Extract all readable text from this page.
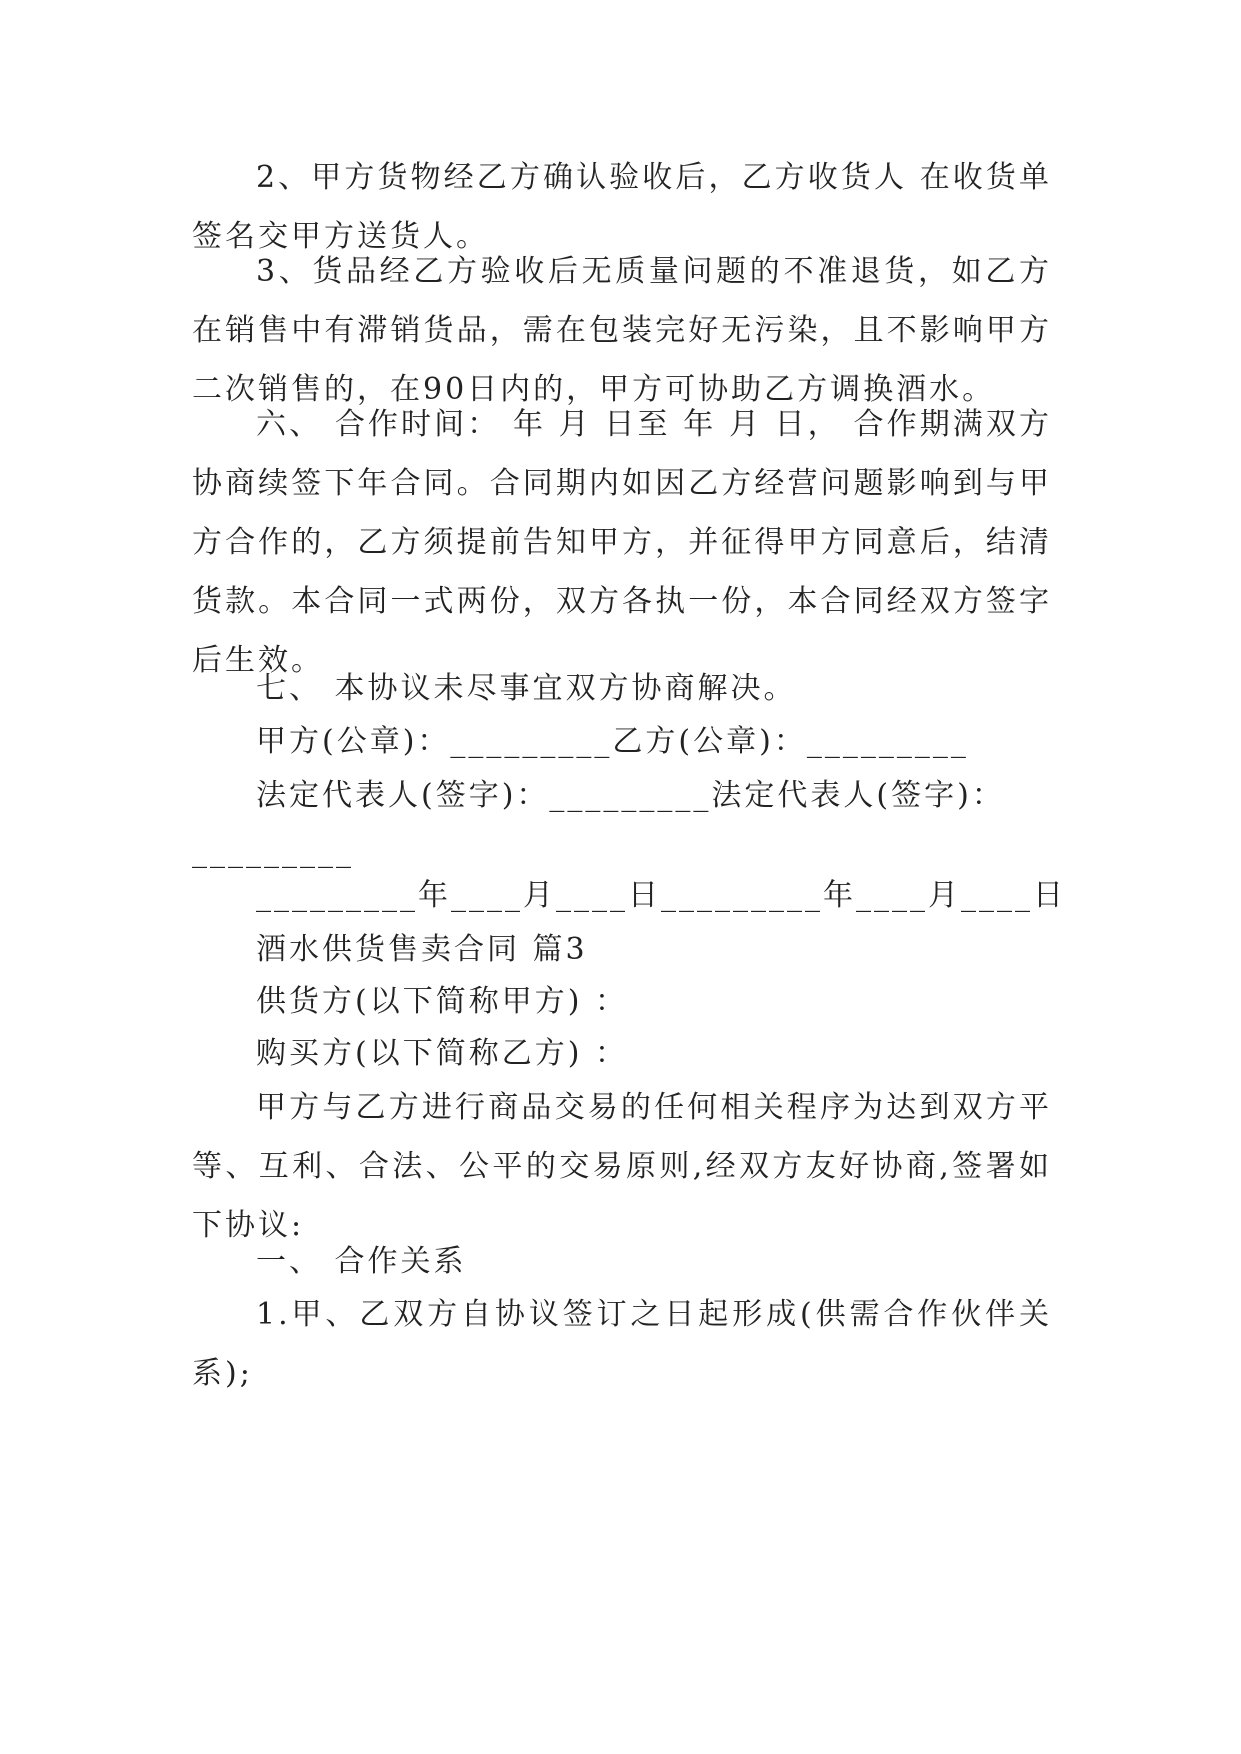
2、甲方货物经乙方确认验收后，乙方收货人 在收货单签名交甲方送货人。

3、货品经乙方验收后无质量问题的不准退货，如乙方在销售中有滞销货品，需在包装完好无污染，且不影响甲方二次销售的，在90日内的，甲方可协助乙方调换酒水。

六、 合作时间： 年 月 日至 年 月 日， 合作期满双方协商续签下年合同。合同期内如因乙方经营问题影响到与甲方合作的，乙方须提前告知甲方，并征得甲方同意后，结清货款。本合同一式两份，双方各执一份，本合同经双方签字后生效。

七、 本协议未尽事宜双方协商解决。

甲方(公章)：_________乙方(公章)：_________

法定代表人(签字)：_________法定代表人(签字)：

_________

_________年____月____日_________年____月____日

酒水供货售卖合同 篇3

供货方(以下简称甲方) ：

购买方(以下简称乙方) ：

甲方与乙方进行商品交易的任何相关程序为达到双方平等、互利、合法、公平的交易原则,经双方友好协商,签署如下协议:

一、 合作关系

1.甲、乙双方自协议签订之日起形成(供需合作伙伴关系);
